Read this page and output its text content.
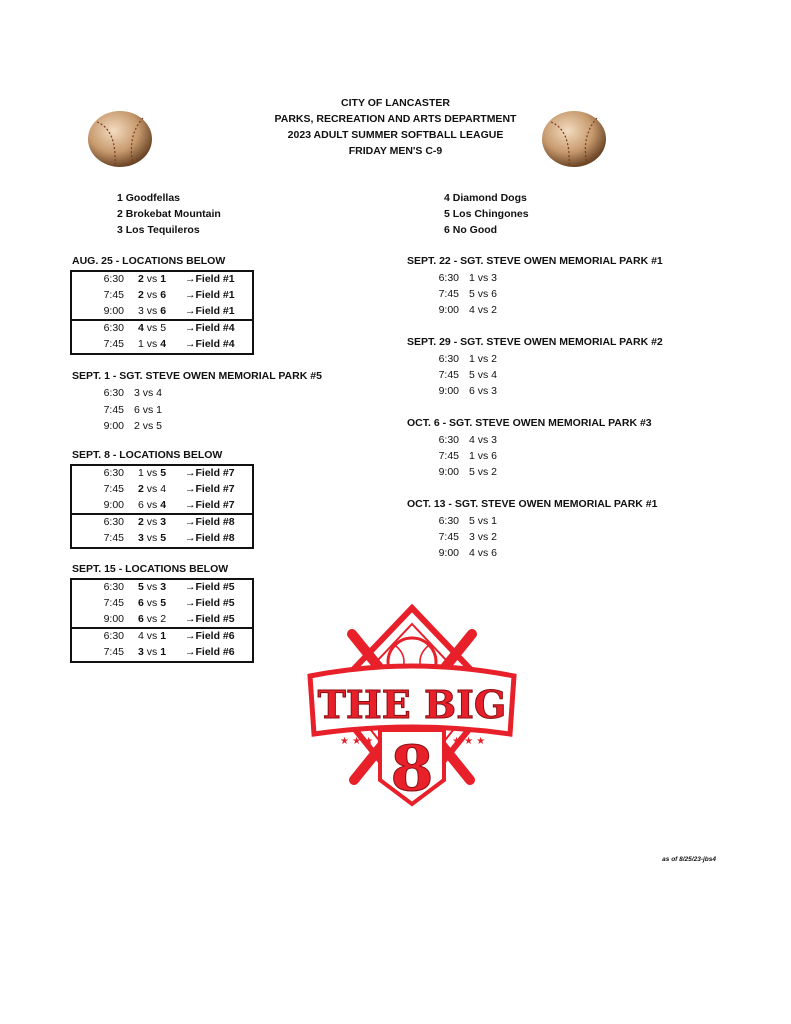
CITY OF LANCASTER
PARKS, RECREATION AND ARTS DEPARTMENT
2023 ADULT SUMMER SOFTBALL LEAGUE
FRIDAY MEN'S C-9
1 Goodfellas
2 Brokebat Mountain
3 Los Tequileros
4 Diamond Dogs
5 Los Chingones
6 No Good
AUG. 25 - LOCATIONS BELOW
6:30 2 vs 1 →Field #1
7:45 2 vs 6 →Field #1
9:00 3 vs 6 →Field #1
6:30 4 vs 5 →Field #4
7:45 1 vs 4 →Field #4
SEPT. 1 - SGT. STEVE OWEN MEMORIAL PARK #5
6:30 3 vs 4
7:45 6 vs 1
9:00 2 vs 5
SEPT. 8 - LOCATIONS BELOW
6:30 1 vs 5 →Field #7
7:45 2 vs 4 →Field #7
9:00 6 vs 4 →Field #7
6:30 2 vs 3 →Field #8
7:45 3 vs 5 →Field #8
SEPT. 15 - LOCATIONS BELOW
6:30 5 vs 3 →Field #5
7:45 6 vs 5 →Field #5
9:00 6 vs 2 →Field #5
6:30 4 vs 1 →Field #6
7:45 3 vs 1 →Field #6
SEPT. 22 - SGT. STEVE OWEN MEMORIAL PARK #1
6:30 1 vs 3
7:45 5 vs 6
9:00 4 vs 2
SEPT. 29 - SGT. STEVE OWEN MEMORIAL PARK #2
6:30 1 vs 2
7:45 5 vs 4
9:00 6 vs 3
OCT. 6 - SGT. STEVE OWEN MEMORIAL PARK #3
6:30 4 vs 3
7:45 1 vs 6
9:00 5 vs 2
OCT. 13 - SGT. STEVE OWEN MEMORIAL PARK #1
6:30 5 vs 1
7:45 3 vs 2
9:00 4 vs 6
THE BIG
★ ★ ★	★ ★ ★
8
as of 8/25/23-jbs4
